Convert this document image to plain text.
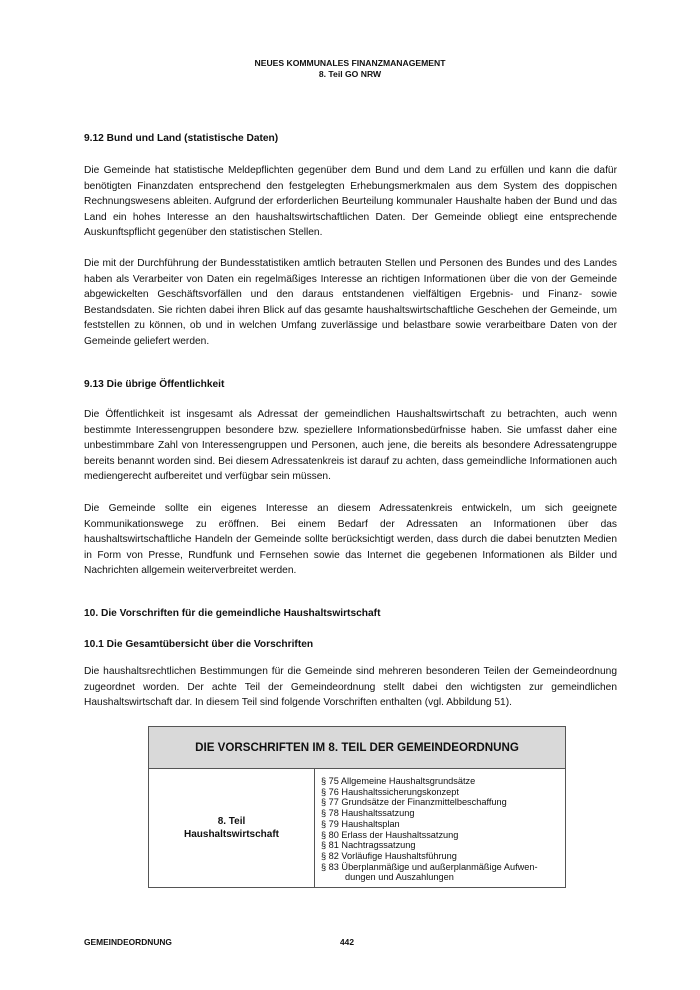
NEUES KOMMUNALES FINANZMANAGEMENT
8. Teil GO NRW
9.12 Bund und Land (statistische Daten)

Die Gemeinde hat statistische Meldepflichten gegenüber dem Bund und dem Land zu erfüllen und kann die dafür benötigten Finanzdaten entsprechend den festgelegten Erhebungsmerkmalen aus dem System des doppischen Rechnungswesens ableiten. Aufgrund der erforderlichen Beurteilung kommunaler Haushalte haben der Bund und das Land ein hohes Interesse an den haushaltswirtschaftlichen Daten. Der Gemeinde obliegt eine entsprechende Auskunftspflicht gegenüber den statistischen Stellen.

Die mit der Durchführung der Bundesstatistiken amtlich betrauten Stellen und Personen des Bundes und des Landes haben als Verarbeiter von Daten ein regelmäßiges Interesse an richtigen Informationen über die von der Gemeinde abgewickelten Geschäftsvorfällen und den daraus entstandenen vielfältigen Ergebnis- und Finanz- sowie Bestandsdaten. Sie richten dabei ihren Blick auf das gesamte haushaltswirtschaftliche Geschehen der Gemeinde, um feststellen zu können, ob und in welchen Umfang zuverlässige und belastbare sowie verarbeitbare Daten von der Gemeinde geliefert werden.

9.13 Die übrige Öffentlichkeit

Die Öffentlichkeit ist insgesamt als Adressat der gemeindlichen Haushaltswirtschaft zu betrachten, auch wenn bestimmte Interessengruppen besondere bzw. speziellere Informationsbedürfnisse haben. Sie umfasst daher eine unbestimmbare Zahl von Interessengruppen und Personen, auch jene, die bereits als besondere Adressatengruppe bereits benannt worden sind. Bei diesem Adressatenkreis ist darauf zu achten, dass gemeindliche Informationen auch mediengerecht aufbereitet und verfügbar sein müssen.

Die Gemeinde sollte ein eigenes Interesse an diesem Adressatenkreis entwickeln, um sich geeignete Kommunikationswege zu eröffnen. Bei einem Bedarf der Adressaten an Informationen über das haushaltswirtschaftliche Handeln der Gemeinde sollte berücksichtigt werden, dass durch die dabei benutzten Medien in Form von Presse, Rundfunk und Fernsehen sowie das Internet die gegebenen Informationen als Bilder und Nachrichten allgemein weiterverbreitet werden.

10. Die Vorschriften für die gemeindliche Haushaltswirtschaft
10.1 Die Gesamtübersicht über die Vorschriften

Die haushaltsrechtlichen Bestimmungen für die Gemeinde sind mehreren besonderen Teilen der Gemeindeordnung zugeordnet worden. Der achte Teil der Gemeindeordnung stellt dabei den wichtigsten zur gemeindlichen Haushaltswirtschaft dar. In diesem Teil sind folgende Vorschriften enthalten (vgl. Abbildung 51).

DIE VORSCHRIFTEN IM 8. TEIL DER GEMEINDEORDNUNG

8. Teil
Haushaltswirtschaft

§ 75 Allgemeine Haushaltsgrundsätze
§ 76 Haushaltssicherungskonzept
§ 77 Grundsätze der Finanzmittelbeschaffung
§ 78 Haushaltssatzung
§ 79 Haushaltsplan
§ 80 Erlass der Haushaltssatzung
§ 81 Nachtragssatzung
§ 82 Vorläufige Haushaltsführung
§ 83 Überplanmäßige und außerplanmäßige Aufwen-
dungen und Auszahlungen
GEMEINDEORDNUNG	442
